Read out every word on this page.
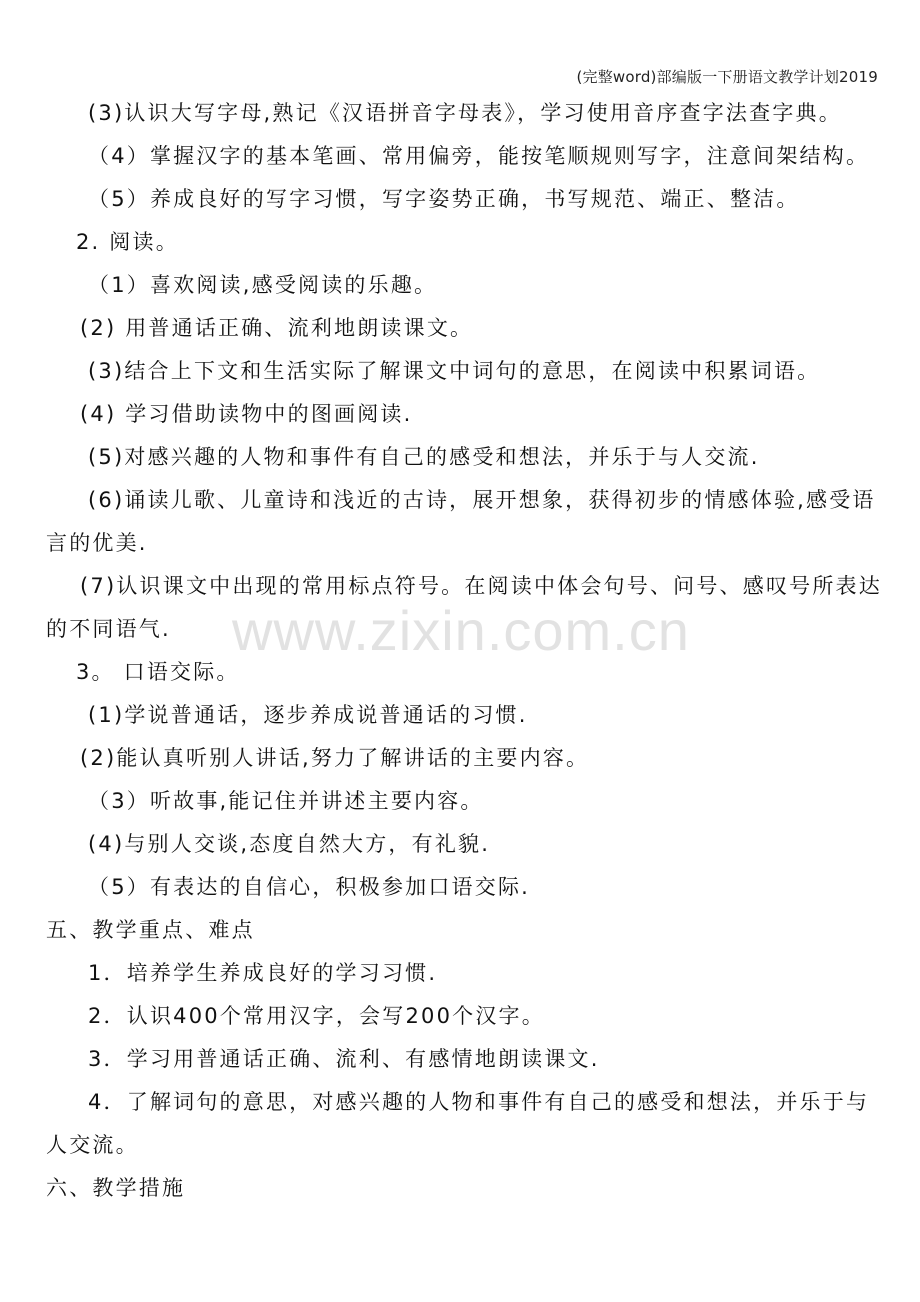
(完整word)部编版一下册语文教学计划2019
www.zixin.com.cn
(3)认识大写字母,熟记《汉语拼音字母表》，学习使用音序查字法查字典。
（4）掌握汉字的基本笔画、常用偏旁，能按笔顺规则写字，注意间架结构。
（5）养成良好的写字习惯，写字姿势正确，书写规范、端正、整洁。
2. 阅读。
（1）喜欢阅读,感受阅读的乐趣。
(2) 用普通话正确、流利地朗读课文。
(3)结合上下文和生活实际了解课文中词句的意思，在阅读中积累词语。
(4) 学习借助读物中的图画阅读.
(5)对感兴趣的人物和事件有自己的感受和想法，并乐于与人交流.
(6)诵读儿歌、儿童诗和浅近的古诗，展开想象，获得初步的情感体验,感受语
言的优美.
(7)认识课文中出现的常用标点符号。在阅读中体会句号、问号、感叹号所表达
的不同语气.
3。 口语交际。
(1)学说普通话，逐步养成说普通话的习惯.
(2)能认真听别人讲话,努力了解讲话的主要内容。
（3）听故事,能记住并讲述主要内容。
(4)与别人交谈,态度自然大方，有礼貌.
（5）有表达的自信心，积极参加口语交际.
五、教学重点、难点
1．培养学生养成良好的学习习惯.
2．认识400个常用汉字，会写200个汉字。
3．学习用普通话正确、流利、有感情地朗读课文.
4．了解词句的意思，对感兴趣的人物和事件有自己的感受和想法，并乐于与
人交流。
六、教学措施
